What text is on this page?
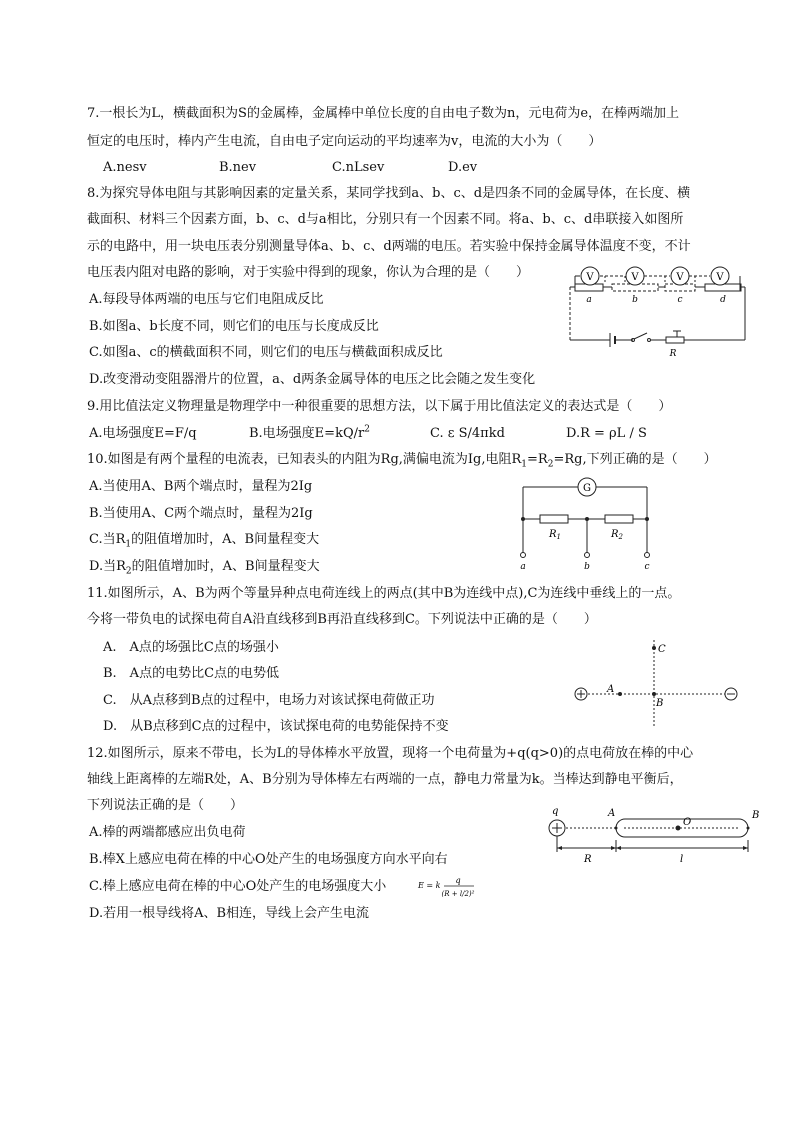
7.一根长为L，横截面积为S的金属棒，金属棒中单位长度的自由电子数为n，元电荷为e，在棒两端加上
恒定的电压时，棒内产生电流，自由电子定向运动的平均速率为v，电流的大小为（　　）
A.nesv	B.nev	C.nLsev	D.ev
8.为探究导体电阻与其影响因素的定量关系，某同学找到a、b、c、d是四条不同的金属导体，在长度、横
截面积、材料三个因素方面，b、c、d与a相比，分别只有一个因素不同。将a、b、c、d串联接入如图所
示的电路中，用一块电压表分别测量导体a、b、c、d两端的电压。若实验中保持金属导体温度不变，不计
电压表内阻对电路的影响，对于实验中得到的现象，你认为合理的是（　　）
A.每段导体两端的电压与它们电阻成反比
B.如图a、b长度不同，则它们的电压与长度成反比
C.如图a、c的横截面积不同，则它们的电压与横截面积成反比
D.改变滑动变阻器滑片的位置，a、d两条金属导体的电压之比会随之发生变化
V	V	V	V
a	b	c	d
R
9.用比值法定义物理量是物理学中一种很重要的思想方法，以下属于用比值法定义的表达式是（　　）
A.电场强度E=F/q	B.电场强度$E=kQ/r^2$	C. ε S/4πkd	D.R = ρL / S
10.如图是有两个量程的电流表，已知表头的内阻为Rg,满偏电流为Ig,电阻$R_1=R_2=Rg$,下列正确的是（　　）
A.当使用A、B两个端点时，量程为2Ig
B.当使用A、C两个端点时，量程为2Ig
C.当$R_1$的阻值增加时，A、B间量程变大
D.当$R_2$的阻值增加时，A、B间量程变大
G
$R_1$	$R_2$
a	b	c
11.如图所示，A、B为两个等量异种点电荷连线上的两点(其中B为连线中点),C为连线中垂线上的一点。
今将一带负电的试探电荷自A沿直线移到B再沿直线移到C。下列说法中正确的是（　　）
A.　A点的场强比C点的场强小
B.　A点的电势比C点的电势低
C.　从A点移到B点的过程中，电场力对该试探电荷做正功
D.　从B点移到C点的过程中，该试探电荷的电势能保持不变
C
A
B
12.如图所示，原来不带电，长为L的导体棒水平放置，现将一个电荷量为+q(q>0)的点电荷放在棒的中心
轴线上距离棒的左端R处，A、B分别为导体棒左右两端的一点，静电力常量为k。当棒达到静电平衡后，
下列说法正确的是（　　）
A.棒的两端都感应出负电荷
B.棒X上感应电荷在棒的中心O处产生的电场强度方向水平向右
C.棒上感应电荷在棒的中心O处产生的电场强度大小
D.若用一根导线将A、B相连，导线上会产生电流
E = k
q
(R + l/2)²
q	A	B
O
R	l
